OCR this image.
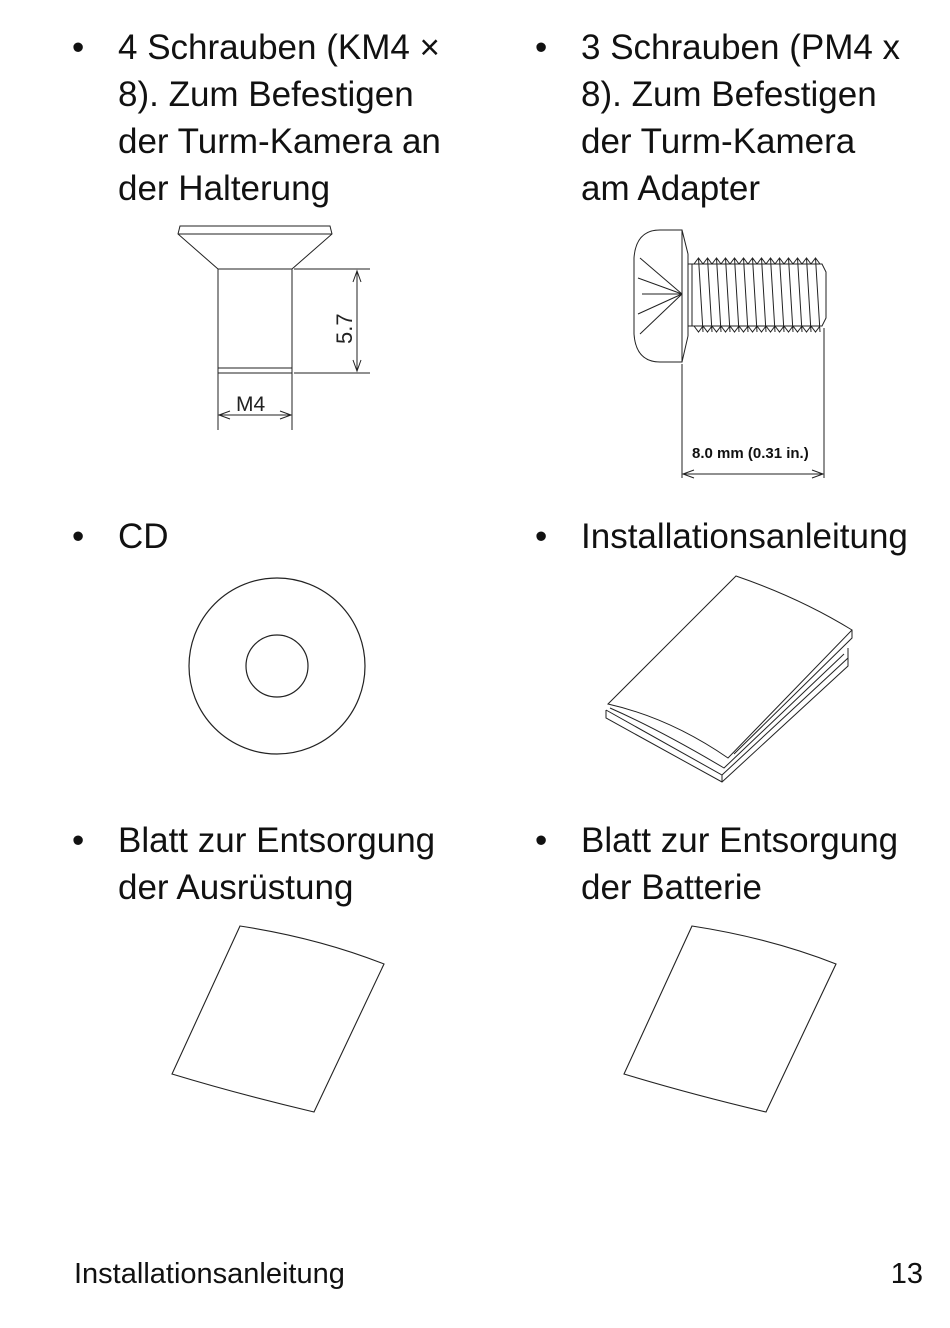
• 4 Schrauben (KM4 ×
8). Zum Befestigen
der Turm-Kamera an
der Halterung
• 3 Schrauben (PM4 x
8). Zum Befestigen
der Turm-Kamera
am Adapter
5.7
M4
8.0 mm (0.31 in.)
• CD	• Installationsanleitung
• Blatt zur Entsorgung
der Ausrüstung
• Blatt zur Entsorgung
der Batterie
Installationsanleitung	13
